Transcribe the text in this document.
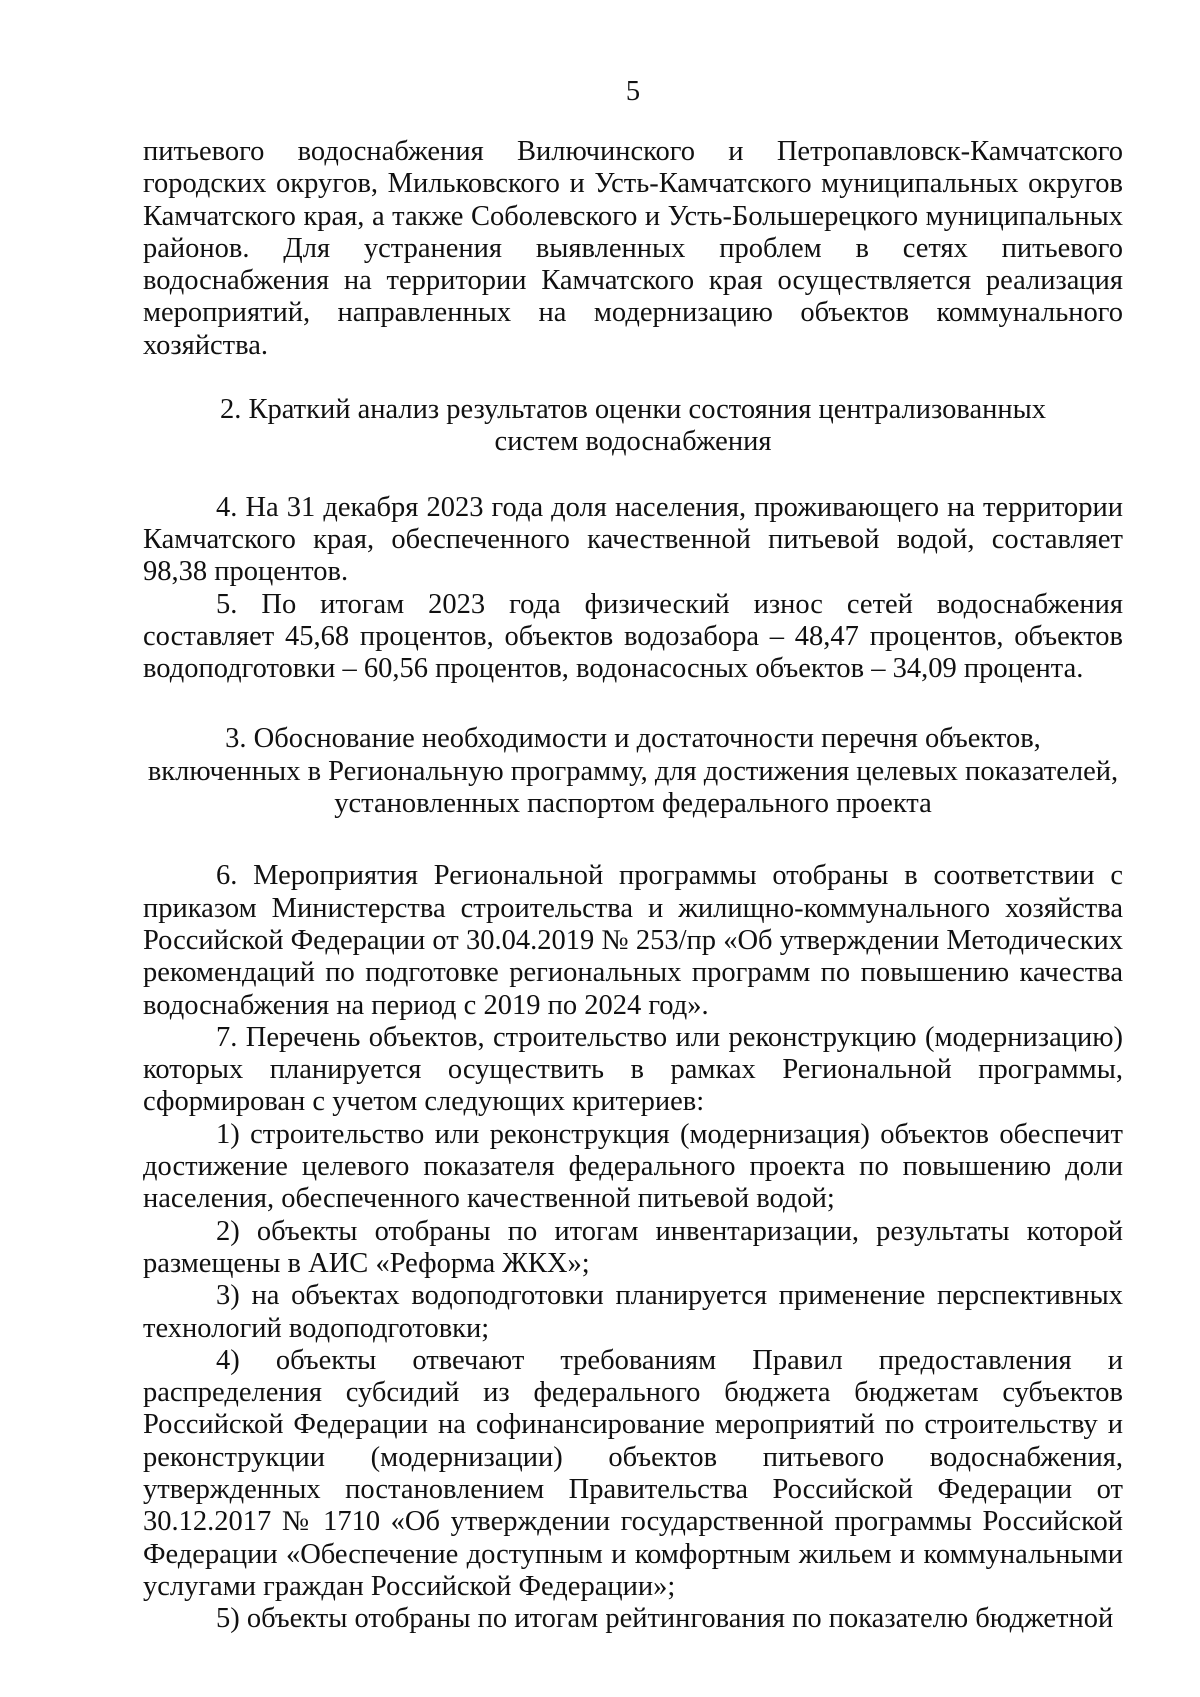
5

питьевого водоснабжения Вилючинского и Петропавловск-Камчатского городских округов, Мильковского и Усть-Камчатского муниципальных округов Камчатского края, а также Соболевского и Усть-Большерецкого муниципальных районов. Для устранения выявленных проблем в сетях питьевого водоснабжения на территории Камчатского края осуществляется реализация мероприятий, направленных на модернизацию объектов коммунального хозяйства.

2. Краткий анализ результатов оценки состояния централизованных
систем водоснабжения

4. На 31 декабря 2023 года доля населения, проживающего на территории Камчатского края, обеспеченного качественной питьевой водой, составляет 98,38 процентов.

5. По итогам 2023 года физический износ сетей водоснабжения составляет 45,68 процентов, объектов водозабора – 48,47 процентов, объектов водоподготовки – 60,56 процентов, водонасосных объектов – 34,09 процента.

3. Обоснование необходимости и достаточности перечня объектов,
включенных в Региональную программу, для достижения целевых показателей,
установленных паспортом федерального проекта

6. Мероприятия Региональной программы отобраны в соответствии с приказом Министерства строительства и жилищно-коммунального хозяйства Российской Федерации от 30.04.2019 № 253/пр «Об утверждении Методических рекомендаций по подготовке региональных программ по повышению качества водоснабжения на период с 2019 по 2024 год».

7. Перечень объектов, строительство или реконструкцию (модернизацию) которых планируется осуществить в рамках Региональной программы, сформирован с учетом следующих критериев:

1) строительство или реконструкция (модернизация) объектов обеспечит достижение целевого показателя федерального проекта по повышению доли населения, обеспеченного качественной питьевой водой;

2) объекты отобраны по итогам инвентаризации, результаты которой размещены в АИС «Реформа ЖКХ»;

3) на объектах водоподготовки планируется применение перспективных технологий водоподготовки;

4) объекты отвечают требованиям Правил предоставления и распределения субсидий из федерального бюджета бюджетам субъектов Российской Федерации на софинансирование мероприятий по строительству и реконструкции (модернизации) объектов питьевого водоснабжения, утвержденных постановлением Правительства Российской Федерации от 30.12.2017 № 1710 «Об утверждении государственной программы Российской Федерации «Обеспечение доступным и комфортным жильем и коммунальными услугами граждан Российской Федерации»;

5) объекты отобраны по итогам рейтингования по показателю бюджетной
